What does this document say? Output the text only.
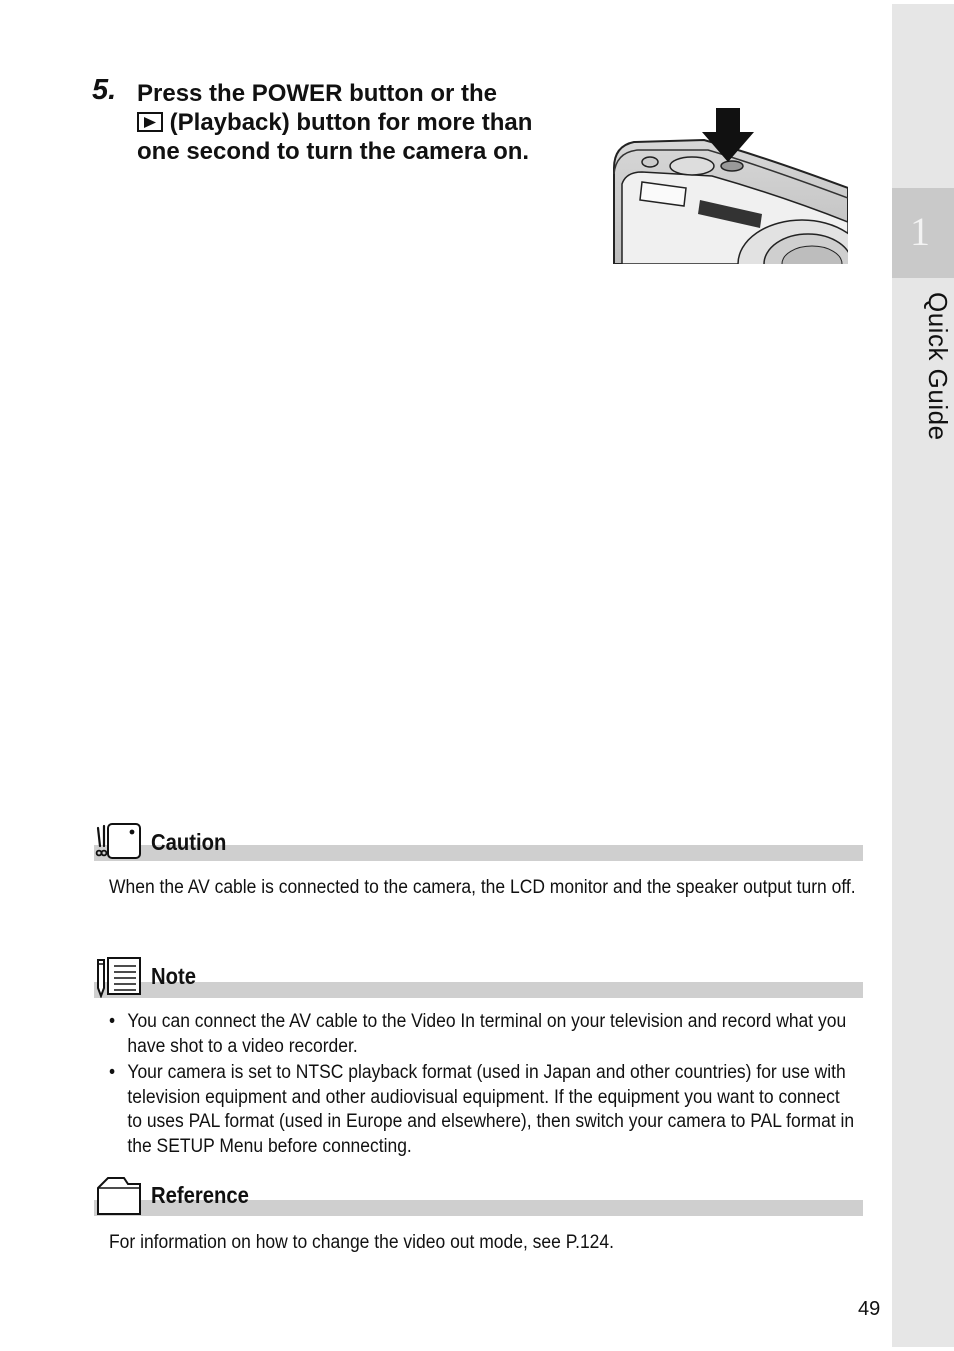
1
Quick Guide
5. Press the POWER button or the

(Playback) button for more than one second to turn the camera on.
Caution
When the AV cable is connected to the camera, the LCD monitor and the speaker output turn off.
Note
• You can connect the AV cable to the Video In terminal on your television and record what you have shot to a video recorder.
• Your camera is set to NTSC playback format (used in Japan and other countries) for use with television equipment and other audiovisual equipment. If the equipment you want to connect to uses PAL format (used in Europe and elsewhere), then switch your camera to PAL format in the SETUP Menu before connecting.
Reference
For information on how to change the video out mode, see P.124.
49
